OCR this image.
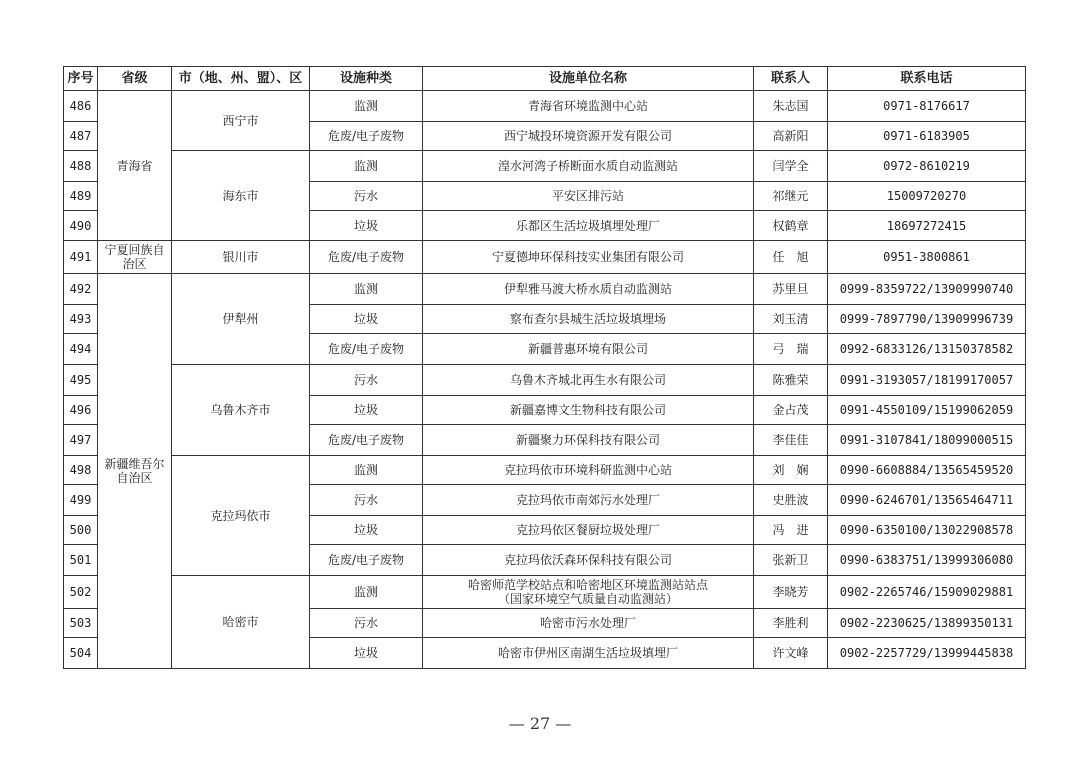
序号	省级	市（地、州、盟）、区	设施种类	设施单位名称	联系人	联系电话
486	青海省	西宁市	监测	青海省环境监测中心站	朱志国	0971-8176617
487			危废/电子废物	西宁城投环境资源开发有限公司	高新阳	0971-6183905
488		海东市	监测	湟水河湾子桥断面水质自动监测站	闫学全	0972-8610219
489			污水	平安区排污站	祁继元	15009720270
490			垃圾	乐都区生活垃圾填埋处理厂	权鹤章	18697272415
491	宁夏回族自治区	银川市	危废/电子废物	宁夏德坤环保科技实业集团有限公司	任　旭	0951-3800861
492	新疆维吾尔自治区	伊犁州	监测	伊犁雅马渡大桥水质自动监测站	苏里旦	0999-8359722/13909990740
493			垃圾	察布查尔县城生活垃圾填埋场	刘玉清	0999-7897790/13909996739
494			危废/电子废物	新疆普惠环境有限公司	弓　瑞	0992-6833126/13150378582
495		乌鲁木齐市	污水	乌鲁木齐城北再生水有限公司	陈雅荣	0991-3193057/18199170057
496			垃圾	新疆嘉博文生物科技有限公司	金占茂	0991-4550109/15199062059
497			危废/电子废物	新疆聚力环保科技有限公司	李佳佳	0991-3107841/18099000515
498		克拉玛依市	监测	克拉玛依市环境科研监测中心站	刘　娴	0990-6608884/13565459520
499			污水	克拉玛依市南郊污水处理厂	史胜波	0990-6246701/13565464711
500			垃圾	克拉玛依区餐厨垃圾处理厂	冯　进	0990-6350100/13022908578
501			危废/电子废物	克拉玛依沃森环保科技有限公司	张新卫	0990-6383751/13999306080
502		哈密市	监测	哈密师范学校站点和哈密地区环境监测站站点
（国家环境空气质量自动监测站）	李晓芳	0902-2265746/15909029881
503			污水	哈密市污水处理厂	李胜利	0902-2230625/13899350131
504			垃圾	哈密市伊州区南湖生活垃圾填埋厂	许文峰	0902-2257729/13999445838
— 27 —
